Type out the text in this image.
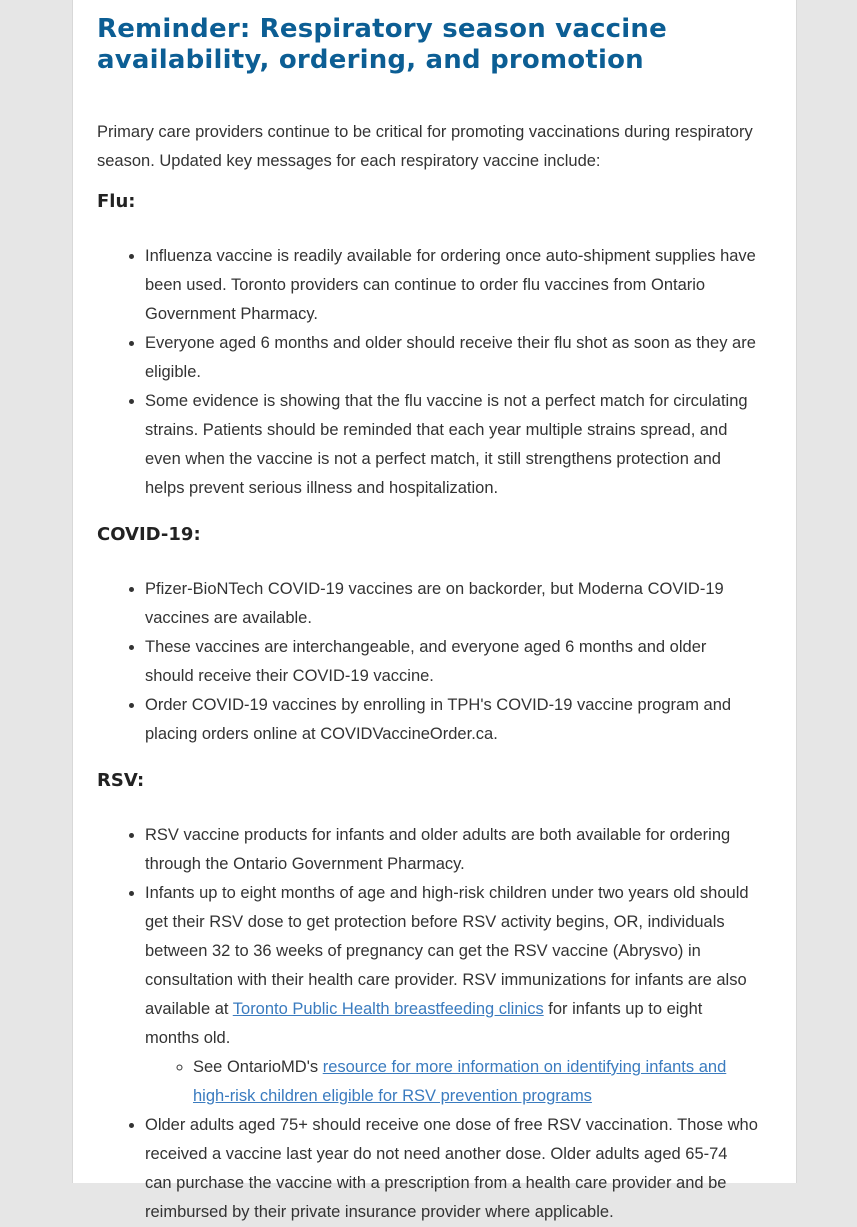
Reminder: Respiratory season vaccine availability, ordering, and promotion

Primary care providers continue to be critical for promoting vaccinations during respiratory season. Updated key messages for each respiratory vaccine include:

Flu:
• Influenza vaccine is readily available for ordering once auto-shipment supplies have been used. Toronto providers can continue to order flu vaccines from Ontario Government Pharmacy.
• Everyone aged 6 months and older should receive their flu shot as soon as they are eligible.
• Some evidence is showing that the flu vaccine is not a perfect match for circulating strains. Patients should be reminded that each year multiple strains spread, and even when the vaccine is not a perfect match, it still strengthens protection and helps prevent serious illness and hospitalization.
COVID-19:
• Pfizer-BioNTech COVID-19 vaccines are on backorder, but Moderna COVID-19 vaccines are available.
• These vaccines are interchangeable, and everyone aged 6 months and older should receive their COVID-19 vaccine.
• Order COVID-19 vaccines by enrolling in TPH's COVID-19 vaccine program and placing orders online at COVIDVaccineOrder.ca.
RSV:
• RSV vaccine products for infants and older adults are both available for ordering through the Ontario Government Pharmacy.
• Infants up to eight months of age and high-risk children under two years old should get their RSV dose to get protection before RSV activity begins, OR, individuals between 32 to 36 weeks of pregnancy can get the RSV vaccine (Abrysvo) in consultation with their health care provider. RSV immunizations for infants are also available at Toronto Public Health breastfeeding clinics for infants up to eight months old.
◦ See OntarioMD's resource for more information on identifying infants and high-risk children eligible for RSV prevention programs
• Older adults aged 75+ should receive one dose of free RSV vaccination. Those who received a vaccine last year do not need another dose. Older adults aged 65-74 can purchase the vaccine with a prescription from a health care provider and be reimbursed by their private insurance provider where applicable.
